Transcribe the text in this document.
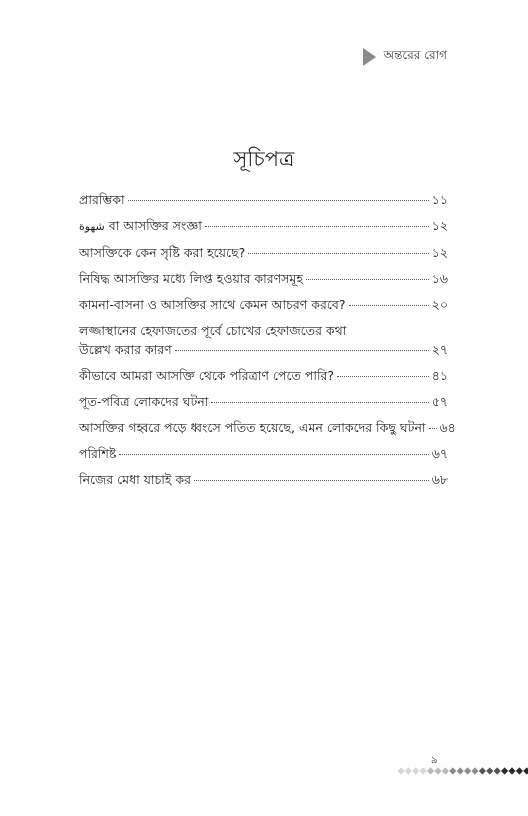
অন্তরের রোগ
সূচিপত্র
প্রারম্ভিকা	১১
شهوة বা আসক্তির সংজ্ঞা	১২
আসক্তিকে কেন সৃষ্টি করা হয়েছে?	১২
নিষিদ্ধ আসক্তির মধ্যে লিপ্ত হওয়ার কারণসমূহ	১৬
কামনা-বাসনা ও আসক্তির সাথে কেমন আচরণ করবে?	২০
লজ্জাস্থানের হেফাজতের পূর্বে চোখের হেফাজতের কথা
উল্লেখ করার কারণ	২৭
কীভাবে আমরা আসক্তি থেকে পরিত্রাণ পেতে পারি?	৪১
পূত-পবিত্র লোকদের ঘটনা	৫৭
আসক্তির গহ্বরে পড়ে ধ্বংসে পতিত হয়েছে, এমন লোকদের কিছু ঘটনা ৬৪
পরিশিষ্ট	৬৭
নিজের মেধা যাচাই কর	৬৮
৯
